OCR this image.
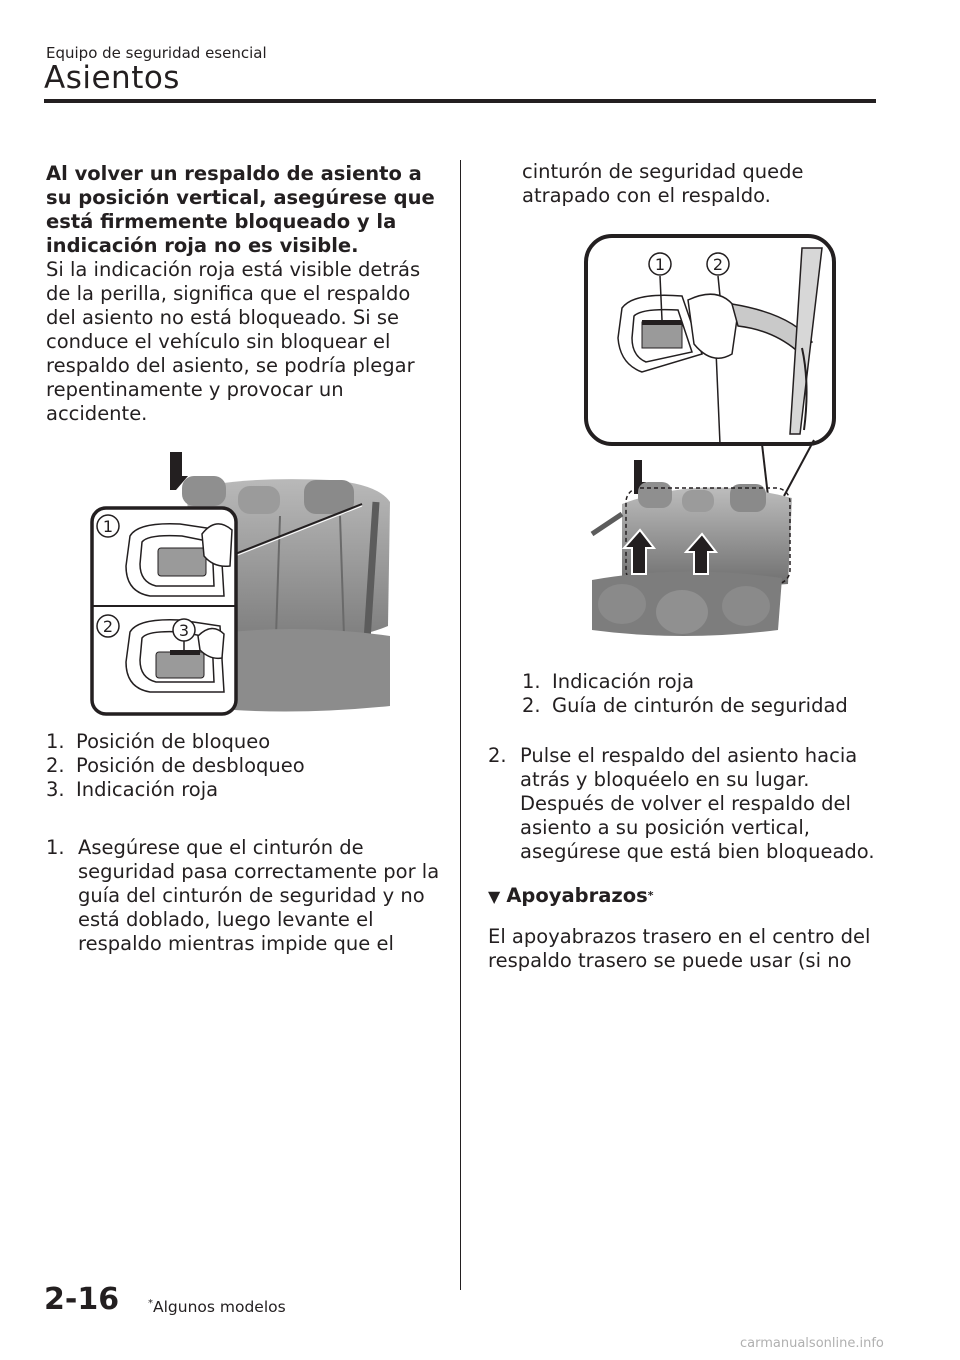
Equipo de seguridad esencial
Asientos

Al volver un respaldo de asiento a su posición vertical, asegúrese que está firmemente bloqueado y la indicación roja no es visible.

Si la indicación roja está visible detrás de la perilla, significa que el respaldo del asiento no está bloqueado. Si se conduce el vehículo sin bloquear el respaldo del asiento, se podría plegar repentinamente y provocar un accidente.

1
2	3
1. Posición de bloqueo
2. Posición de desbloqueo
3. Indicación roja
1. Asegúrese que el cinturón de seguridad pasa correctamente por la guía del cinturón de seguridad y no está doblado, luego levante el respaldo mientras impide que el

cinturón de seguridad quede atrapado con el respaldo.

1	2
1. Indicación roja
2. Guía de cinturón de seguridad
2. Pulse el respaldo del asiento hacia atrás y bloquéelo en su lugar. Después de volver el respaldo del asiento a su posición vertical, asegúrese que está bien bloqueado.
▼ Apoyabrazos*

El apoyabrazos trasero en el centro del respaldo trasero se puede usar (si no

2-16	*Algunos modelos
carmanualsonline.info
